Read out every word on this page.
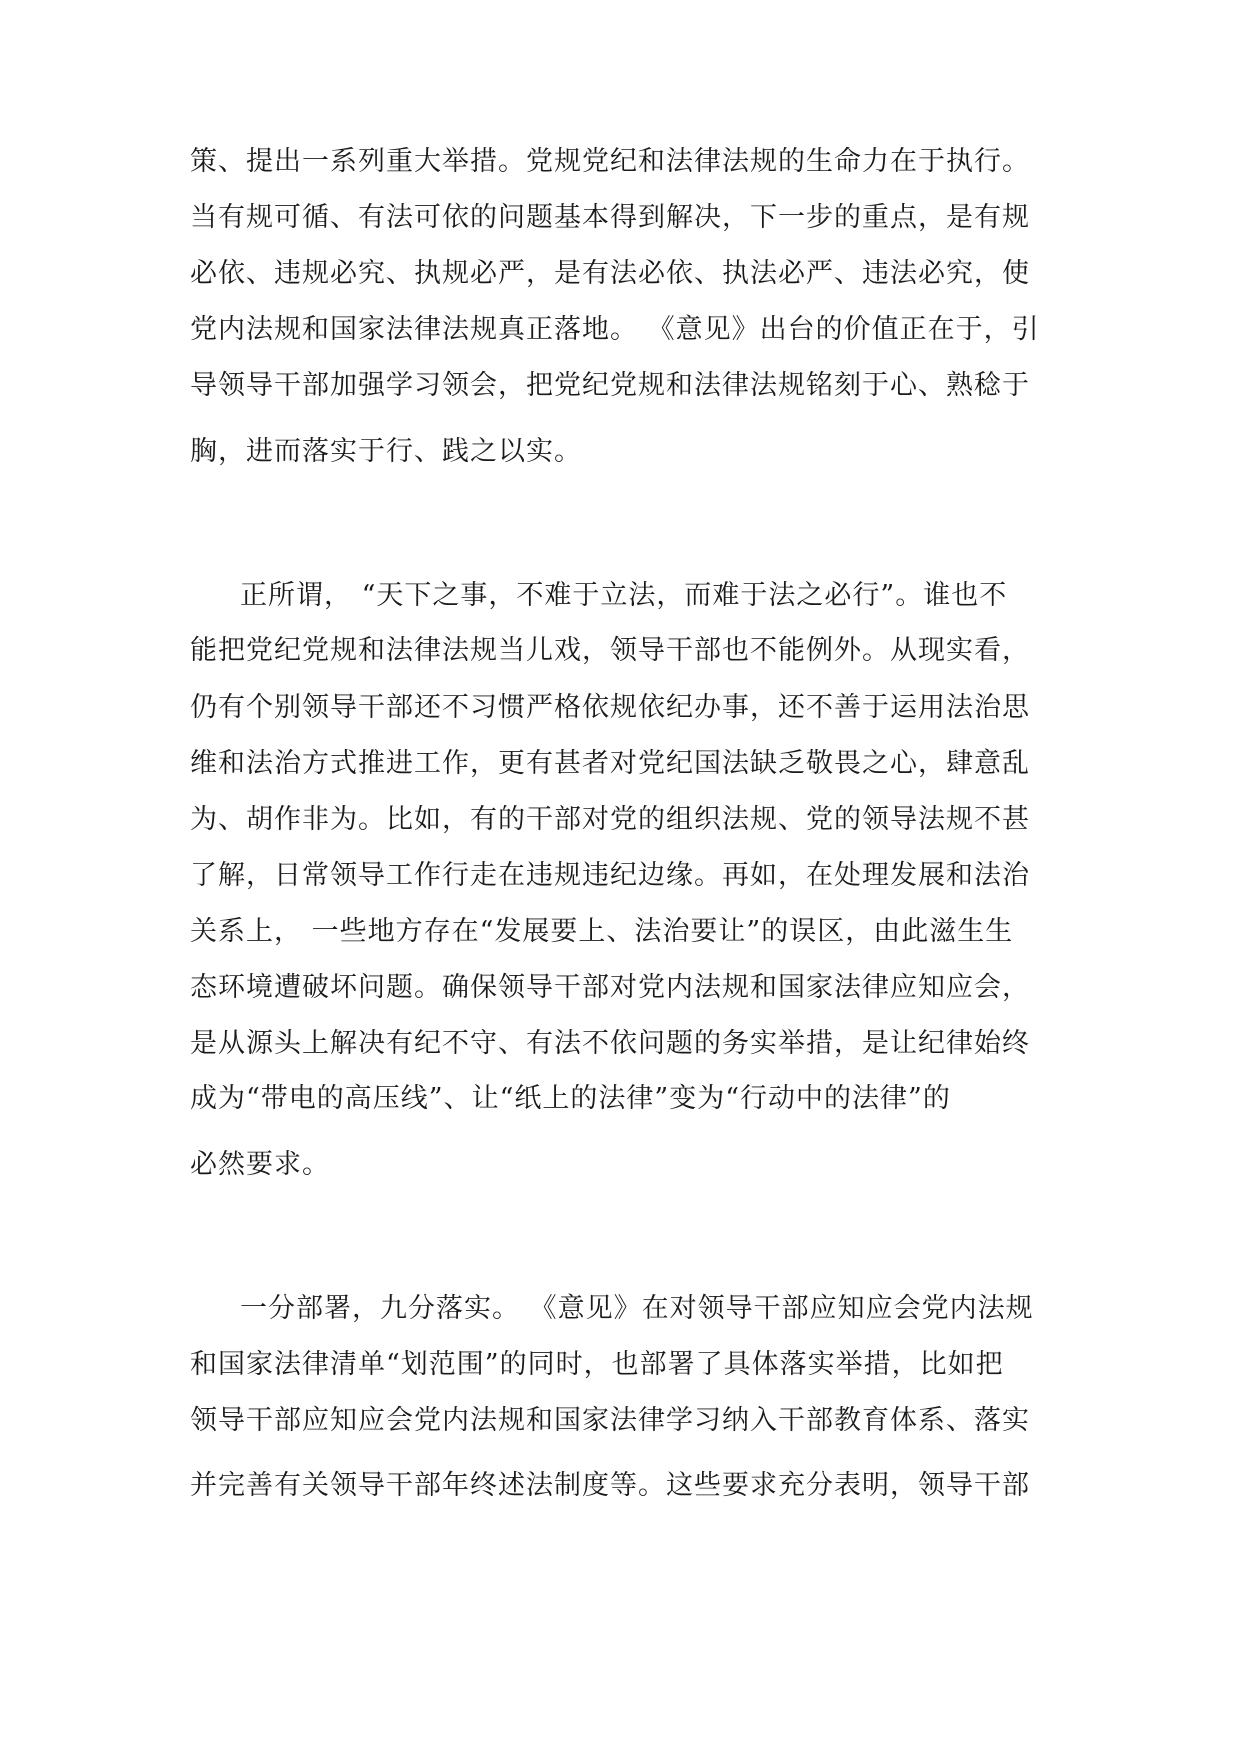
策、提出一系列重大举措。党规党纪和法律法规的生命力在于执行。
当有规可循、有法可依的问题基本得到解决，下一步的重点，是有规
必依、违规必究、执规必严，是有法必依、执法必严、违法必究，使
党内法规和国家法律法规真正落地。 《意见》出台的价值正在于，引
导领导干部加强学习领会，把党纪党规和法律法规铭刻于心、熟稔于
胸，进而落实于行、践之以实。
正所谓， “天下之事，不难于立法，而难于法之必行”。谁也不
能把党纪党规和法律法规当儿戏，领导干部也不能例外。从现实看，
仍有个别领导干部还不习惯严格依规依纪办事，还不善于运用法治思
维和法治方式推进工作，更有甚者对党纪国法缺乏敬畏之心，肆意乱
为、胡作非为。比如，有的干部对党的组织法规、党的领导法规不甚
了解，日常领导工作行走在违规违纪边缘。再如，在处理发展和法治
关系上， 一些地方存在“发展要上、法治要让”的误区，由此滋生生
态环境遭破坏问题。确保领导干部对党内法规和国家法律应知应会，
是从源头上解决有纪不守、有法不依问题的务实举措，是让纪律始终
成为“带电的高压线”、让“纸上的法律”变为“行动中的法律”的
必然要求。
一分部署，九分落实。 《意见》在对领导干部应知应会党内法规
和国家法律清单“划范围”的同时，也部署了具体落实举措，比如把
领导干部应知应会党内法规和国家法律学习纳入干部教育体系、落实
并完善有关领导干部年终述法制度等。这些要求充分表明，领导干部
